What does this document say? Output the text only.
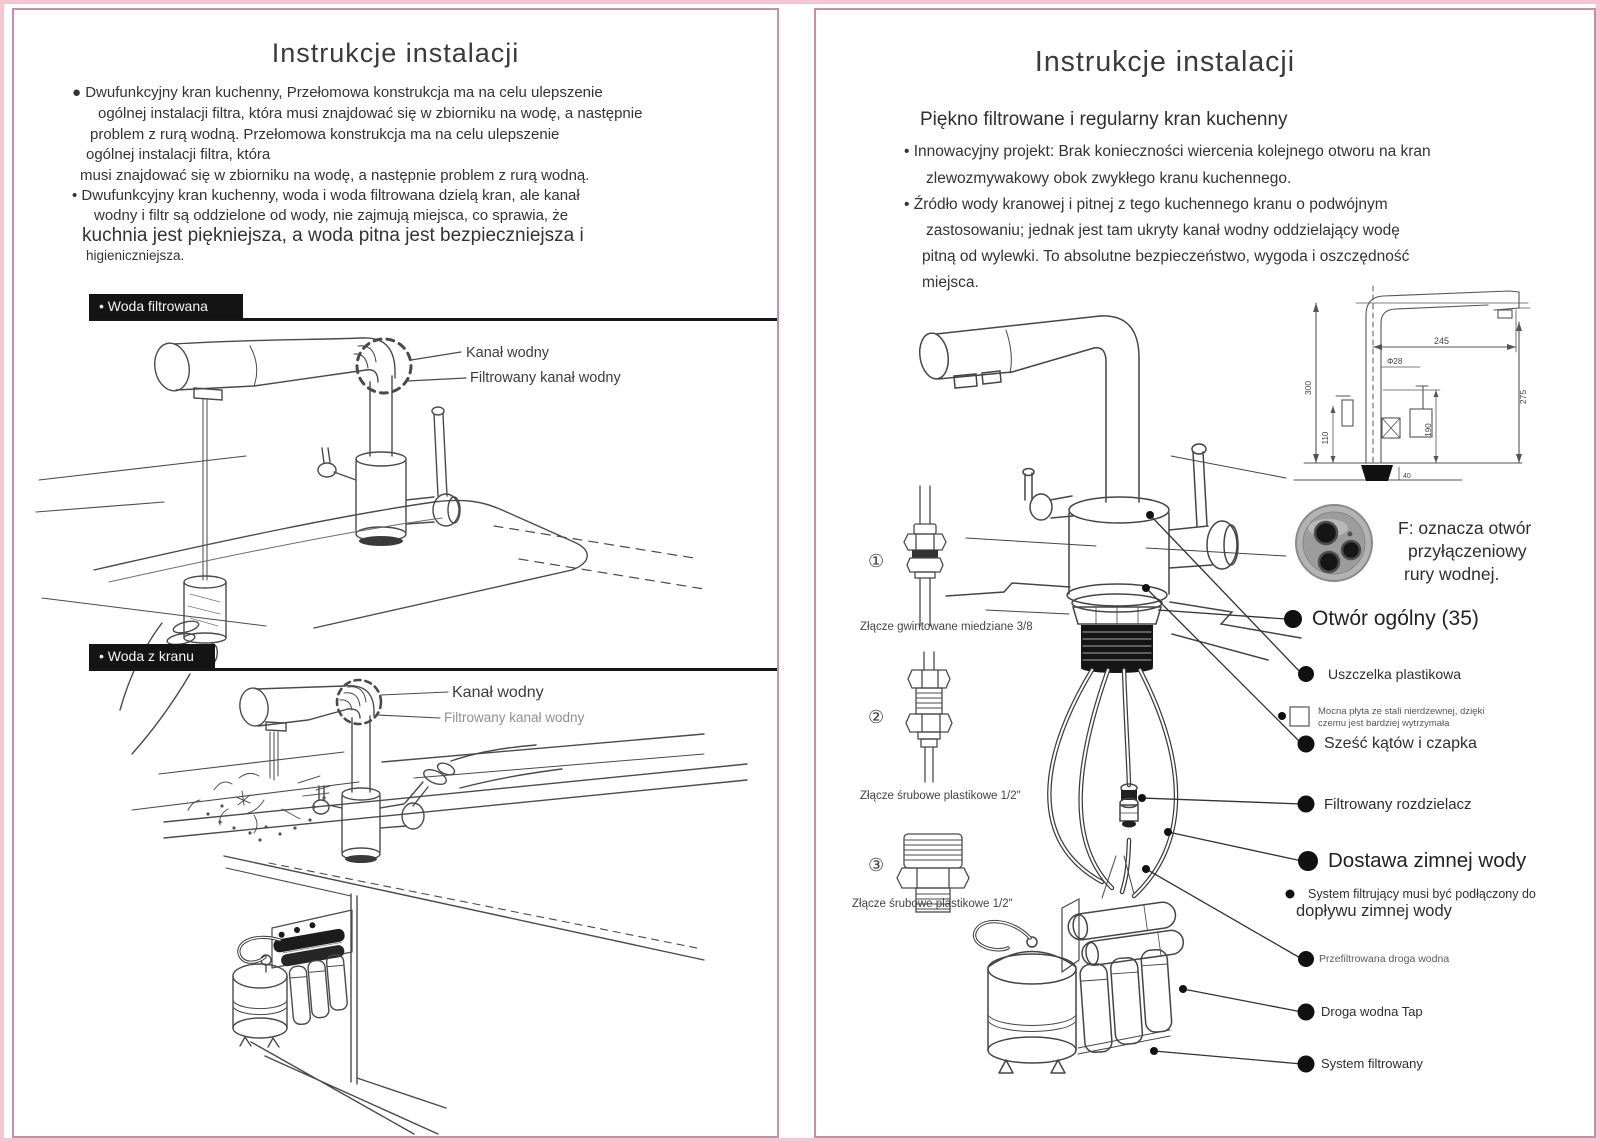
Instrukcje instalacji
● Dwufunkcyjny kran kuchenny, Przełomowa konstrukcja ma na celu ulepszenie
ogólnej instalacji filtra, która musi znajdować się w zbiorniku na wodę, a następnie
problem z rurą wodną. Przełomowa konstrukcja ma na celu ulepszenie
ogólnej instalacji filtra, która
musi znajdować się w zbiorniku na wodę, a następnie problem z rurą wodną.
• Dwufunkcyjny kran kuchenny, woda i woda filtrowana dzielą kran, ale kanał
wodny i filtr są oddzielone od wody, nie zajmują miejsca, co sprawia, że
kuchnia jest piękniejsza, a woda pitna jest bezpieczniejsza i
higieniczniejsza.
• Woda filtrowana
Kanał wodny
Filtrowany kanał wodny
• Woda z kranu
Kanał wodny
Filtrowany kanał wodny
245
Φ28
300
110
190
275
40
Instrukcje instalacji
Piękno filtrowane i regularny kran kuchenny
• Innowacyjny projekt: Brak konieczności wiercenia kolejnego otworu na kran
zlewozmywakowy obok zwykłego kranu kuchennego.
• Źródło wody kranowej i pitnej z tego kuchennego kranu o podwójnym
zastosowaniu; jednak jest tam ukryty kanał wodny oddzielający wodę
pitną od wylewki. To absolutne bezpieczeństwo, wygoda i oszczędność
miejsca.
F: oznacza otwór
przyłączeniowy
rury wodnej.
①
Złącze gwintowane miedziane 3/8
②
Złącze śrubowe plastikowe 1/2"
③
Złącze śrubowe plastikowe 1/2"
Otwór ogólny (35)
Uszczelka plastikowa
Mocna płyta ze stali nierdzewnej, dzięki
czemu jest bardziej wytrzymała
Sześć kątów i czapka
Filtrowany rozdzielacz
Dostawa zimnej wody
System filtrujący musi być podłączony do
dopływu zimnej wody
Przefiltrowana droga wodna
Droga wodna Tap
System filtrowany
